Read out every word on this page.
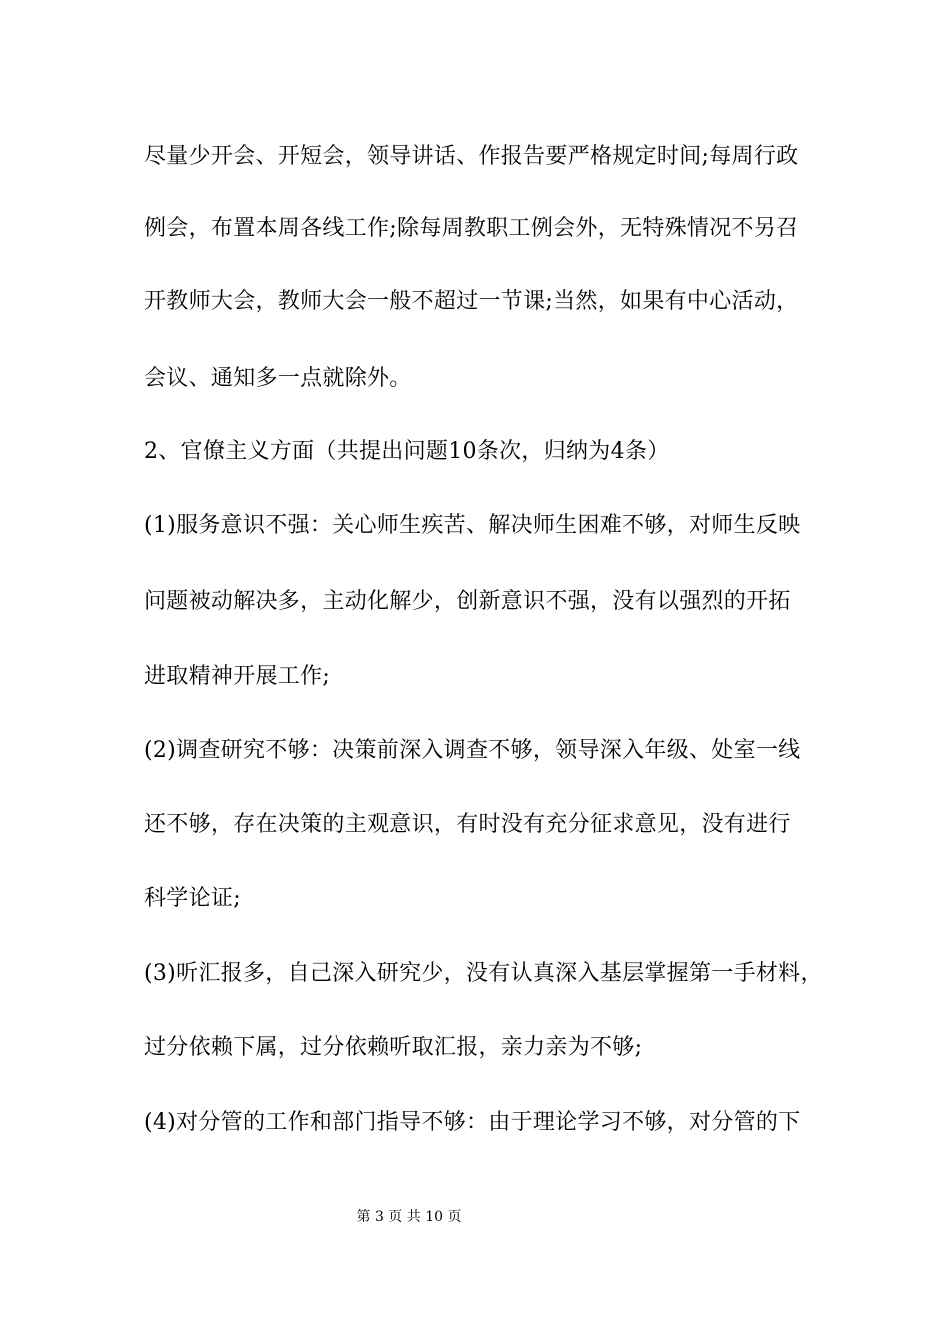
尽量少开会、开短会，领导讲话、作报告要严格规定时间;每周行政
例会，布置本周各线工作;除每周教职工例会外，无特殊情况不另召
开教师大会，教师大会一般不超过一节课;当然，如果有中心活动，
会议、通知多一点就除外。
2、官僚主义方面（共提出问题10条次，归纳为4条）
(1)服务意识不强：关心师生疾苦、解决师生困难不够，对师生反映
问题被动解决多，主动化解少，创新意识不强，没有以强烈的开拓
进取精神开展工作;
(2)调查研究不够：决策前深入调查不够，领导深入年级、处室一线
还不够，存在决策的主观意识，有时没有充分征求意见，没有进行
科学论证;
(3)听汇报多，自己深入研究少，没有认真深入基层掌握第一手材料，
过分依赖下属，过分依赖听取汇报，亲力亲为不够;
(4)对分管的工作和部门指导不够：由于理论学习不够，对分管的下
第 3 页 共 10 页
